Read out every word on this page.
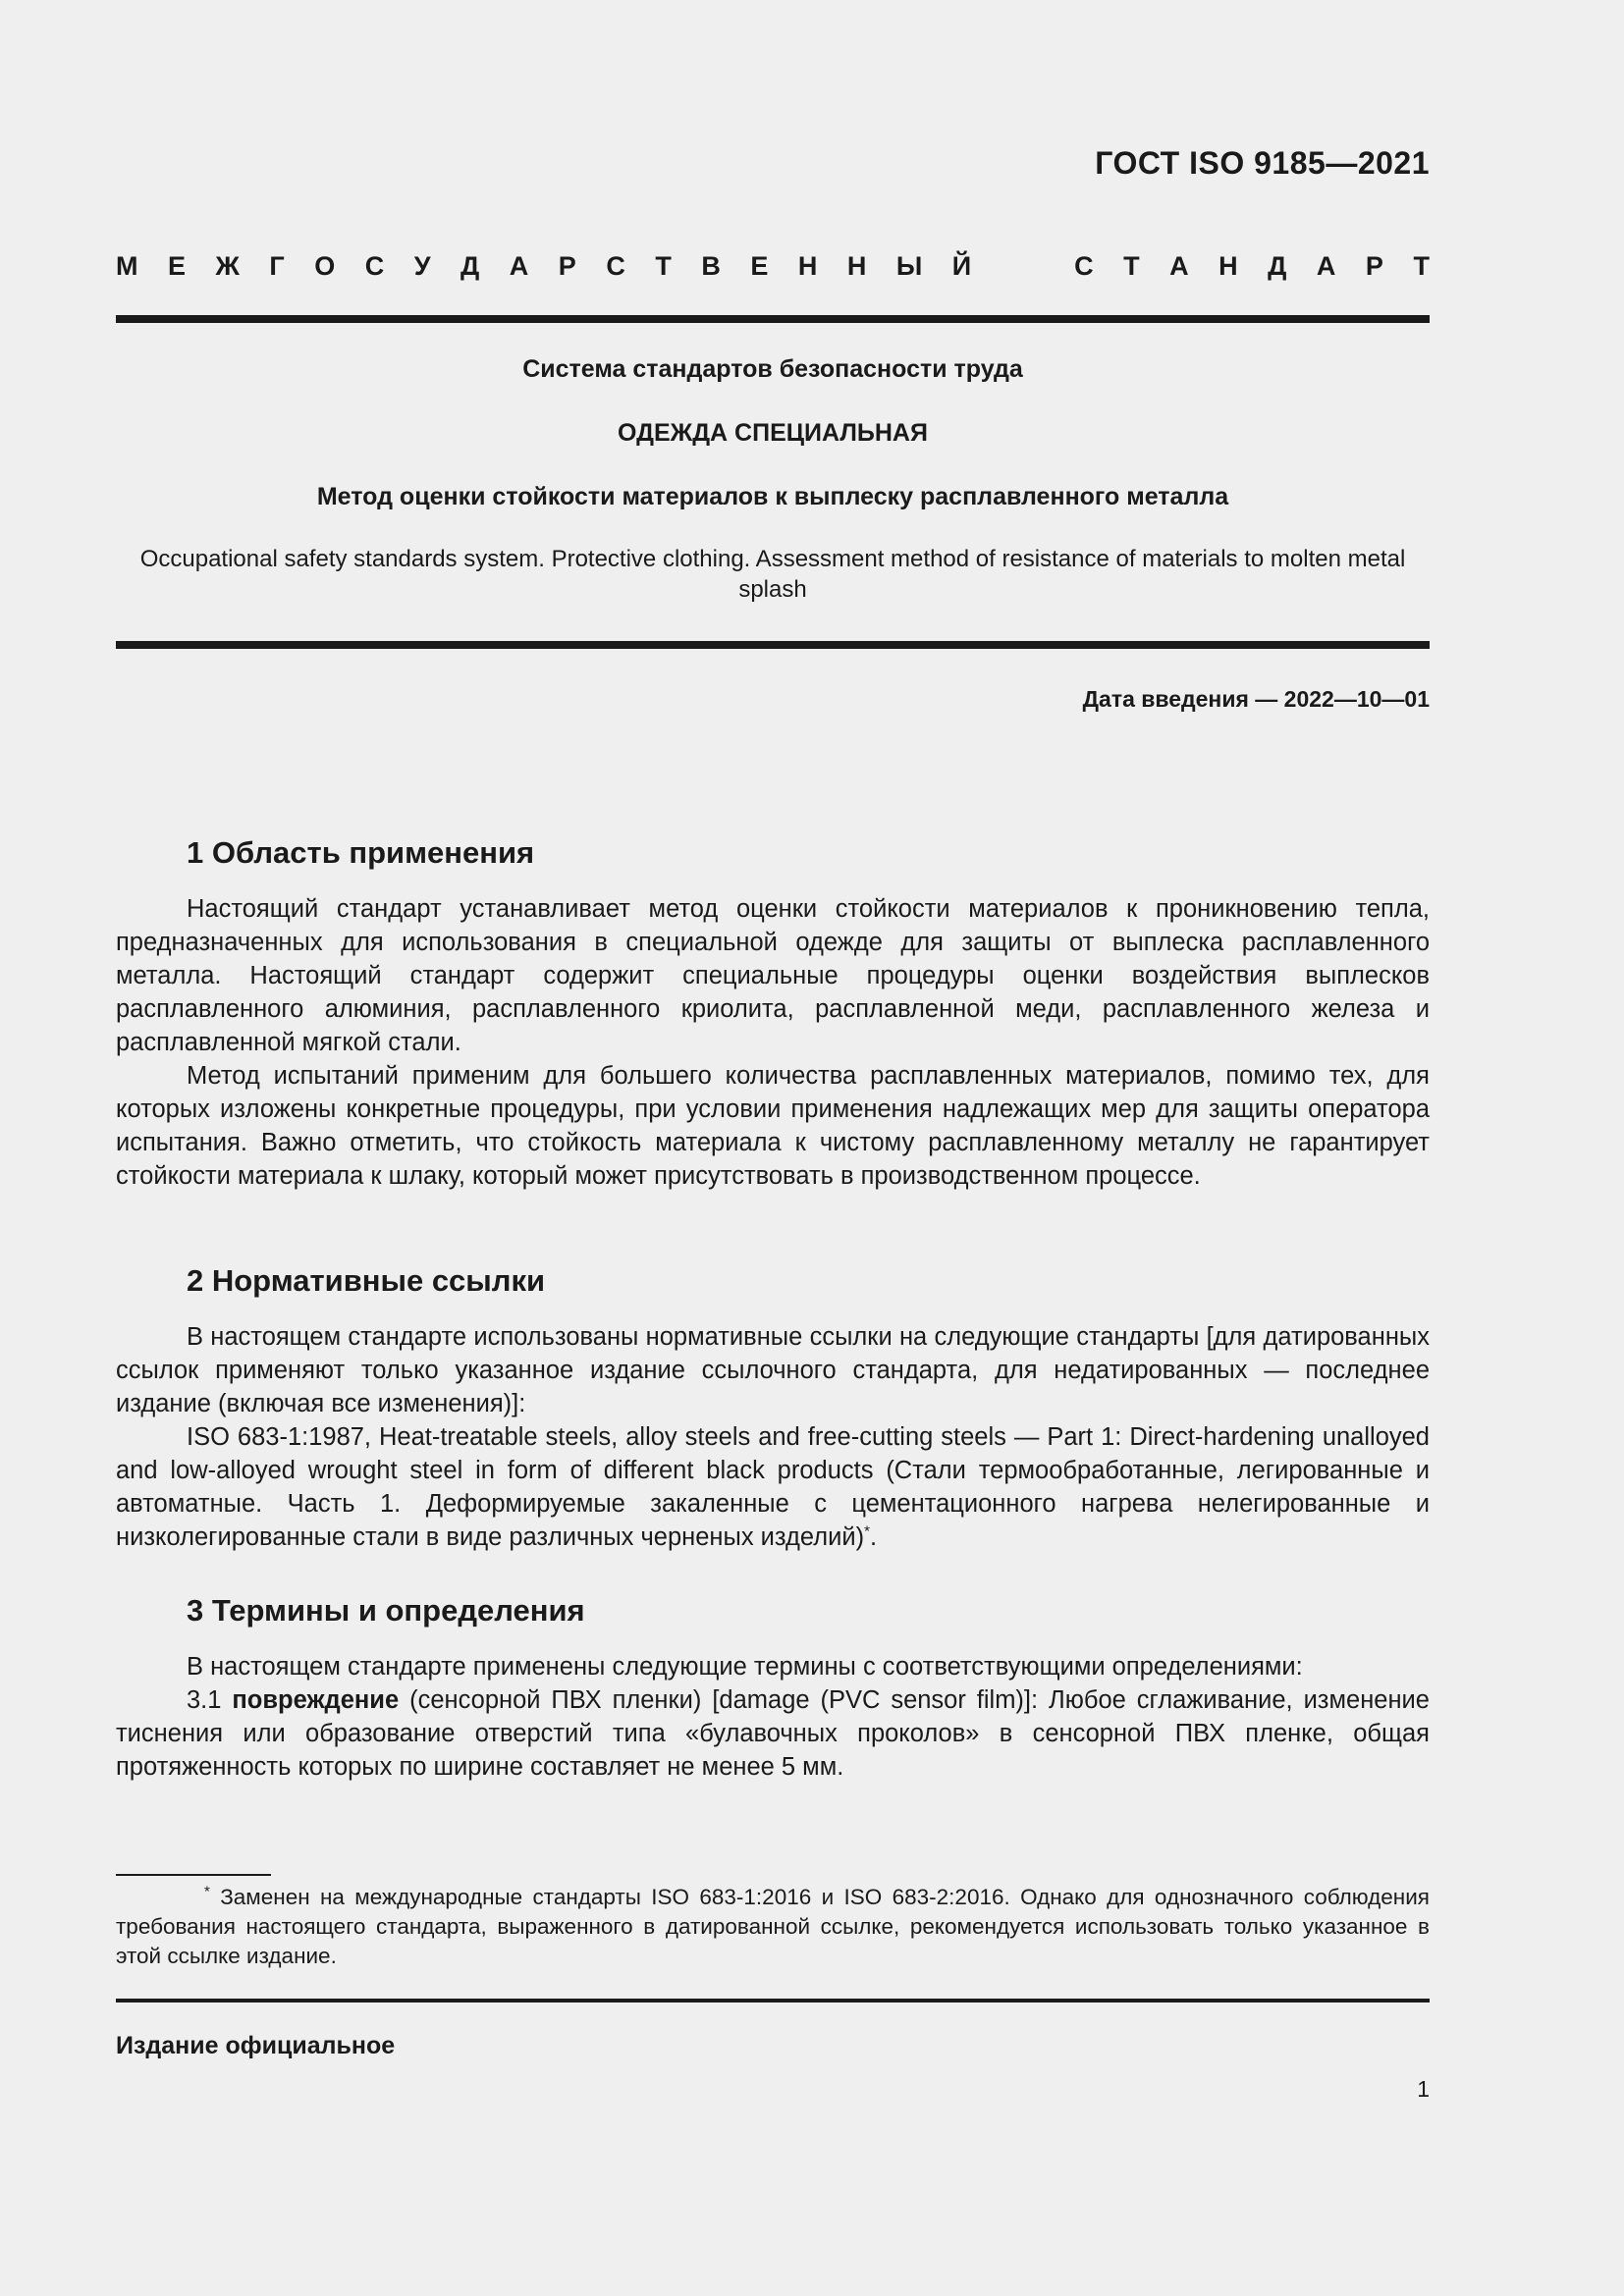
ГОСТ ISO 9185—2021
М Е Ж Г О С У Д А Р С Т В Е Н Н Ы Й	С Т А Н Д А Р Т
Система стандартов безопасности труда
ОДЕЖДА СПЕЦИАЛЬНАЯ
Метод оценки стойкости материалов к выплеску расплавленного металла
Occupational safety standards system. Protective clothing. Assessment method of resistance of materials to molten metal splash
Дата введения — 2022—10—01
1 Область применения

Настоящий стандарт устанавливает метод оценки стойкости материалов к проникновению тепла, предназначенных для использования в специальной одежде для защиты от выплеска расплавленного металла. Настоящий стандарт содержит специальные процедуры оценки воздействия выплесков расплавленного алюминия, расплавленного криолита, расплавленной меди, расплавленного железа и расплавленной мягкой стали.

Метод испытаний применим для большего количества расплавленных материалов, помимо тех, для которых изложены конкретные процедуры, при условии применения надлежащих мер для защиты оператора испытания. Важно отметить, что стойкость материала к чистому расплавленному металлу не гарантирует стойкости материала к шлаку, который может присутствовать в производственном процессе.

2 Нормативные ссылки

В настоящем стандарте использованы нормативные ссылки на следующие стандарты [для датированных ссылок применяют только указанное издание ссылочного стандарта, для недатированных — последнее издание (включая все изменения)]:

ISO 683-1:1987, Heat-treatable steels, alloy steels and free-cutting steels — Part 1: Direct-hardening unalloyed and low-alloyed wrought steel in form of different black products (Стали термообработанные, легированные и автоматные. Часть 1. Деформируемые закаленные с цементационного нагрева нелегированные и низколегированные стали в виде различных черненых изделий)*.

3 Термины и определения

В настоящем стандарте применены следующие термины с соответствующими определениями:

3.1 повреждение (сенсорной ПВХ пленки) [damage (PVC sensor film)]: Любое сглаживание, изменение тиснения или образование отверстий типа «булавочных проколов» в сенсорной ПВХ пленке, общая протяженность которых по ширине составляет не менее 5 мм.

* Заменен на международные стандарты ISO 683-1:2016 и ISO 683-2:2016. Однако для однозначного соблюдения требования настоящего стандарта, выраженного в датированной ссылке, рекомендуется использовать только указанное в этой ссылке издание.
Издание официальное
1
